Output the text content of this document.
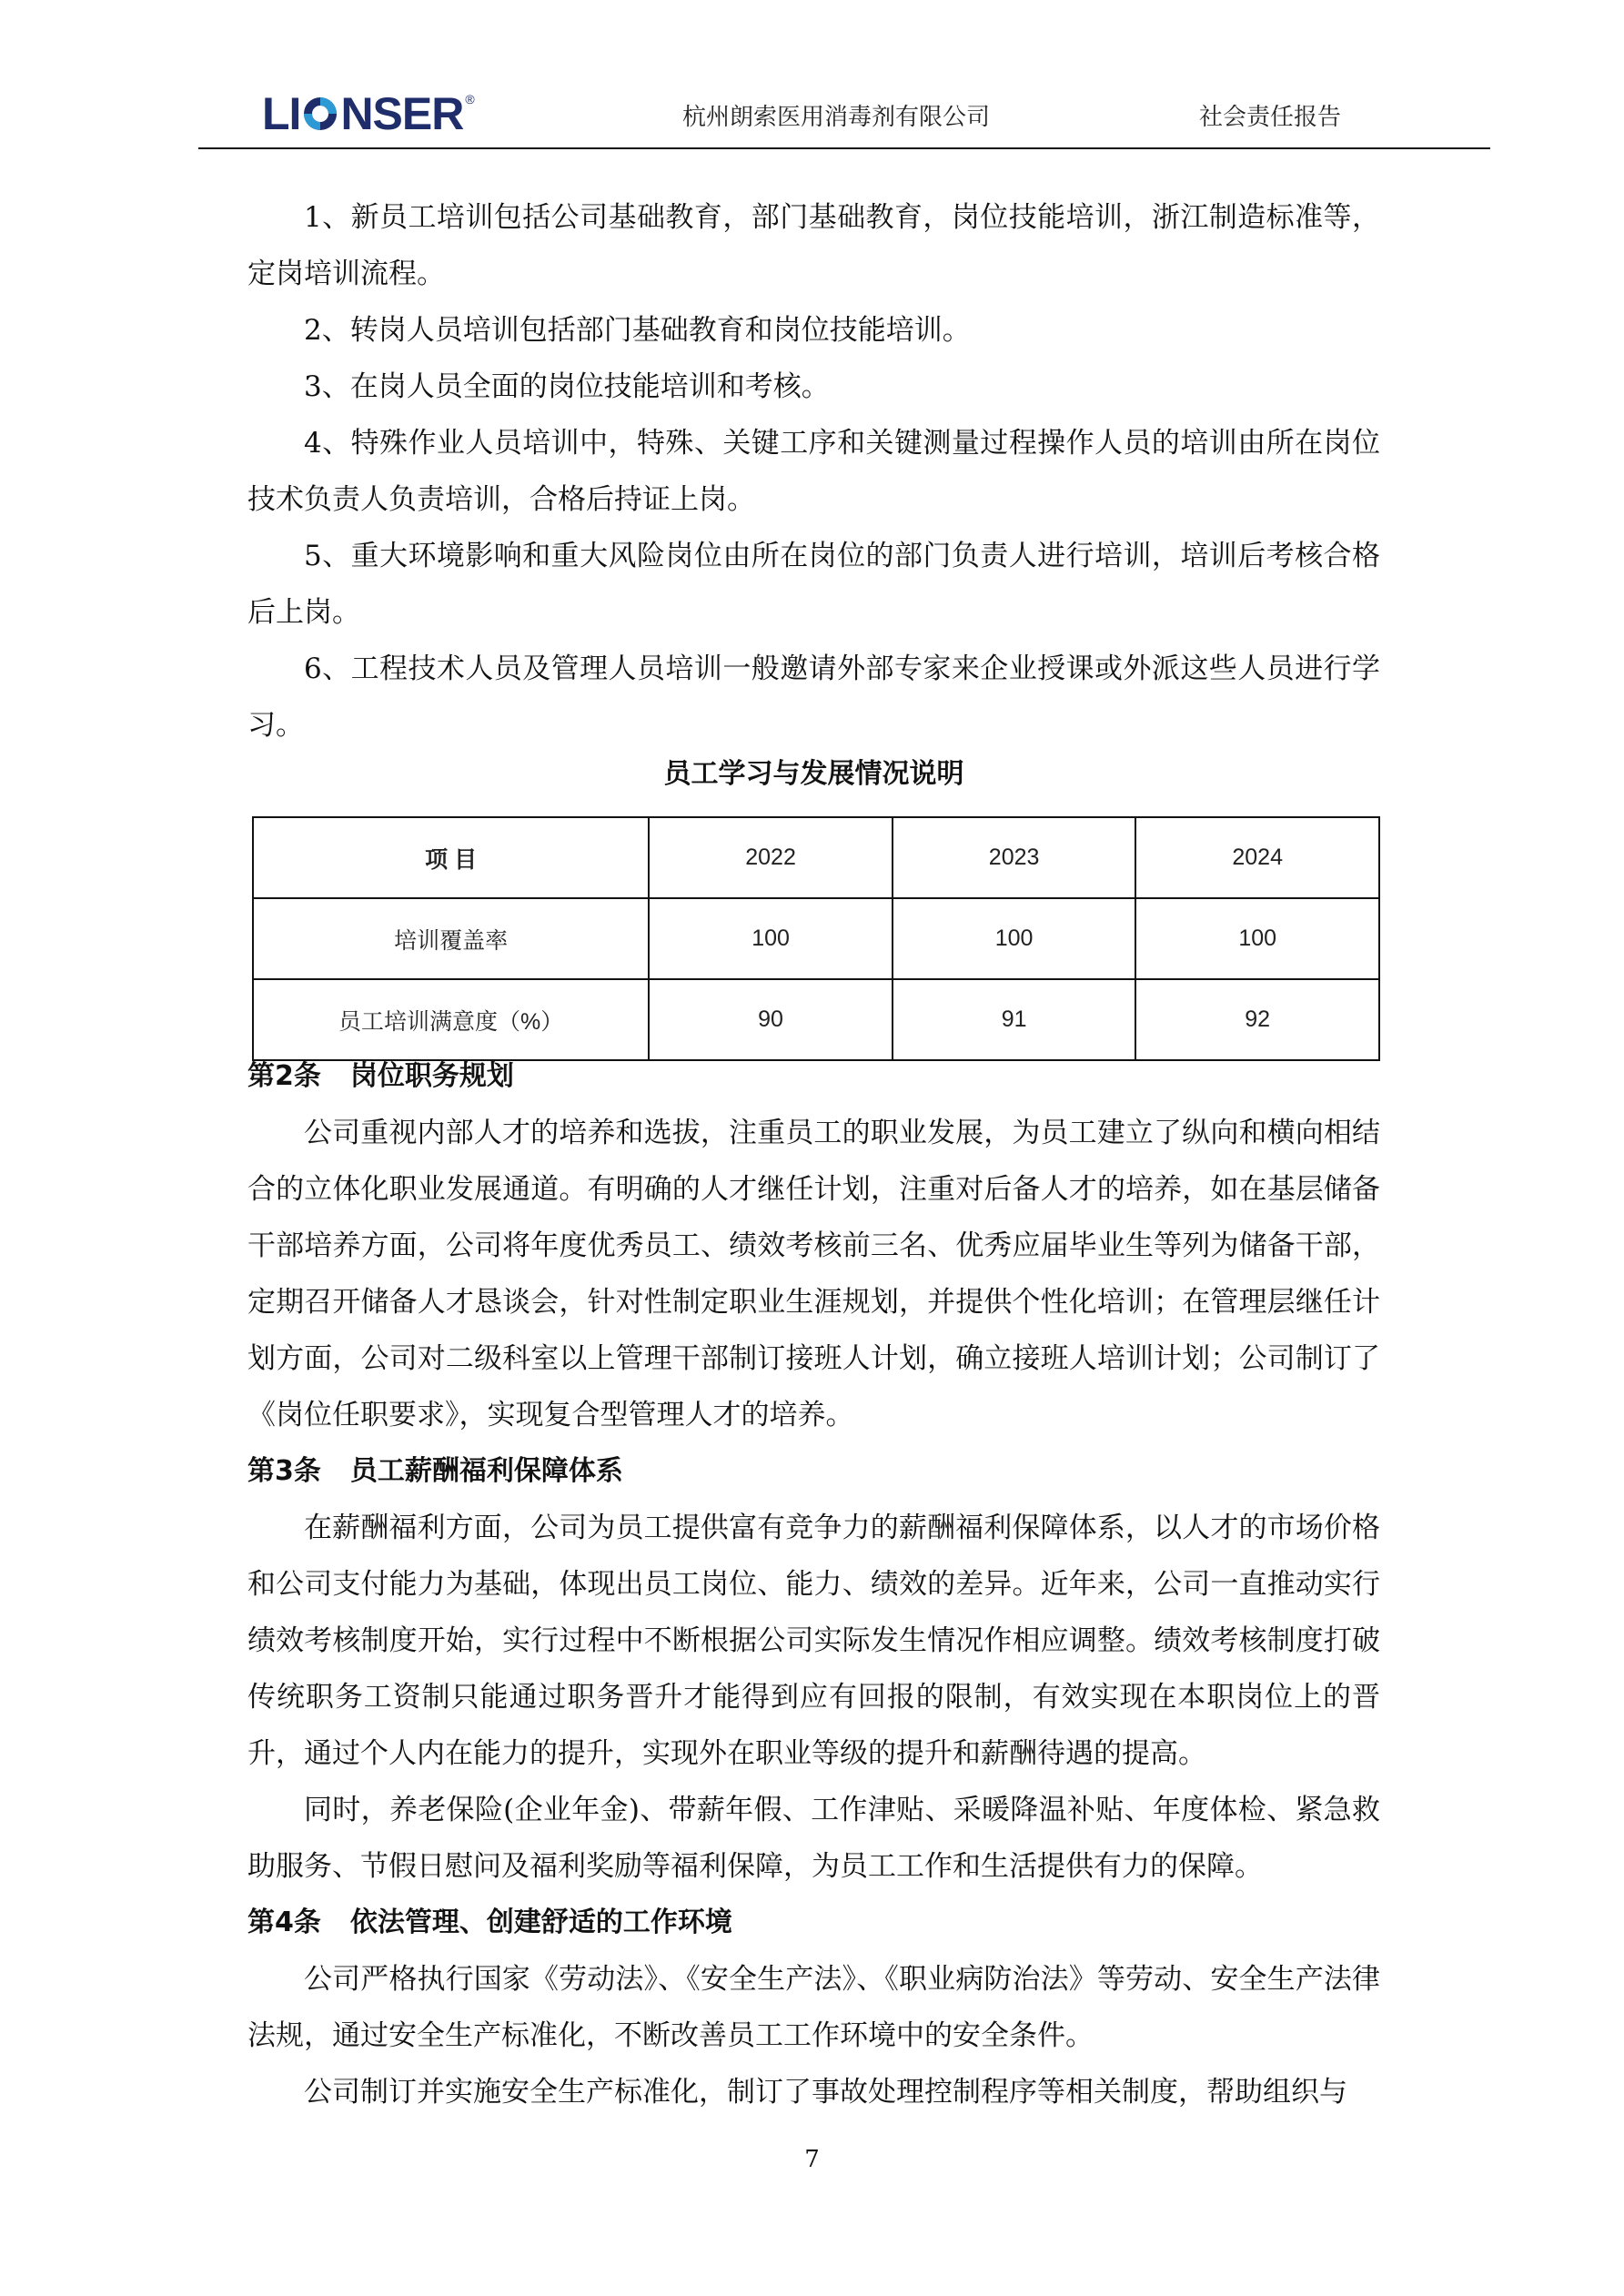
LI NSER®
杭州朗索医用消毒剂有限公司	社会责任报告

1、新员工培训包括公司基础教育，部门基础教育，岗位技能培训，浙江制造标准等，定岗培训流程。

2、转岗人员培训包括部门基础教育和岗位技能培训。

3、在岗人员全面的岗位技能培训和考核。

4、特殊作业人员培训中，特殊、关键工序和关键测量过程操作人员的培训由所在岗位技术负责人负责培训，合格后持证上岗。

5、重大环境影响和重大风险岗位由所在岗位的部门负责人进行培训，培训后考核合格后上岗。

6、工程技术人员及管理人员培训一般邀请外部专家来企业授课或外派这些人员进行学习。

员工学习与发展情况说明
项 目	2022	2023	2024
培训覆盖率	100	100	100
员工培训满意度（%）	90	91	92
第2条 岗位职务规划

公司重视内部人才的培养和选拔，注重员工的职业发展，为员工建立了纵向和横向相结合的立体化职业发展通道。有明确的人才继任计划，注重对后备人才的培养，如在基层储备干部培养方面，公司将年度优秀员工、绩效考核前三名、优秀应届毕业生等列为储备干部，定期召开储备人才恳谈会，针对性制定职业生涯规划，并提供个性化培训；在管理层继任计划方面，公司对二级科室以上管理干部制订接班人计划，确立接班人培训计划；公司制订了《岗位任职要求》，实现复合型管理人才的培养。

第3条 员工薪酬福利保障体系

在薪酬福利方面，公司为员工提供富有竞争力的薪酬福利保障体系，以人才的市场价格和公司支付能力为基础，体现出员工岗位、能力、绩效的差异。近年来，公司一直推动实行绩效考核制度开始，实行过程中不断根据公司实际发生情况作相应调整。绩效考核制度打破传统职务工资制只能通过职务晋升才能得到应有回报的限制，有效实现在本职岗位上的晋升，通过个人内在能力的提升，实现外在职业等级的提升和薪酬待遇的提高。

同时，养老保险(企业年金)、带薪年假、工作津贴、采暖降温补贴、年度体检、紧急救助服务、节假日慰问及福利奖励等福利保障，为员工工作和生活提供有力的保障。

第4条 依法管理、创建舒适的工作环境

公司严格执行国家《劳动法》、《安全生产法》、《职业病防治法》等劳动、安全生产法律法规，通过安全生产标准化，不断改善员工工作环境中的安全条件。

公司制订并实施安全生产标准化，制订了事故处理控制程序等相关制度，帮助组织与

7
